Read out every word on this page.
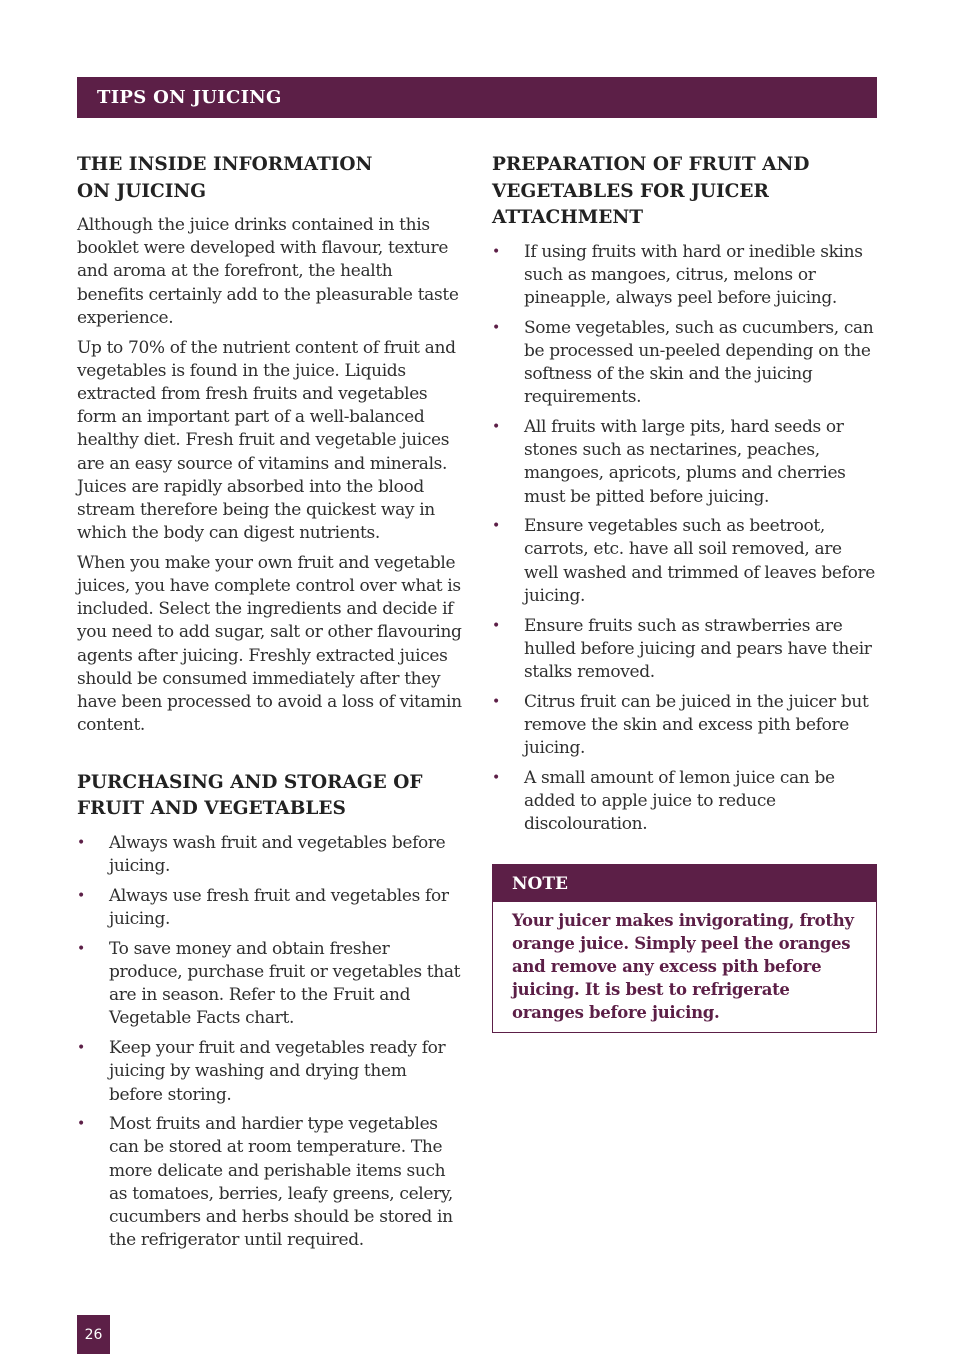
TIPS ON JUICING
THE INSIDE INFORMATION
ON JUICING

Although the juice drinks contained in this booklet were developed with flavour, texture and aroma at the forefront, the health benefits certainly add to the pleasurable taste experience.

Up to 70% of the nutrient content of fruit and vegetables is found in the juice. Liquids extracted from fresh fruits and vegetables form an important part of a well-balanced healthy diet. Fresh fruit and vegetable juices are an easy source of vitamins and minerals. Juices are rapidly absorbed into the blood stream therefore being the quickest way in which the body can digest nutrients.

When you make your own fruit and vegetable juices, you have complete control over what is included. Select the ingredients and decide if you need to add sugar, salt or other flavouring agents after juicing. Freshly extracted juices should be consumed immediately after they have been processed to avoid a loss of vitamin content.

PURCHASING AND STORAGE OF
FRUIT AND VEGETABLES
• Always wash fruit and vegetables before juicing.
• Always use fresh fruit and vegetables for juicing.
• To save money and obtain fresher produce, purchase fruit or vegetables that are in season. Refer to the Fruit and Vegetable Facts chart.
• Keep your fruit and vegetables ready for juicing by washing and drying them before storing.
• Most fruits and hardier type vegetables can be stored at room temperature. The more delicate and perishable items such as tomatoes, berries, leafy greens, celery, cucumbers and herbs should be stored in the refrigerator until required.
PREPARATION OF FRUIT AND
VEGETABLES FOR JUICER
ATTACHMENT
• If using fruits with hard or inedible skins such as mangoes, citrus, melons or pineapple, always peel before juicing.
• Some vegetables, such as cucumbers, can be processed un-peeled depending on the softness of the skin and the juicing requirements.
• All fruits with large pits, hard seeds or stones such as nectarines, peaches, mangoes, apricots, plums and cherries must be pitted before juicing.
• Ensure vegetables such as beetroot, carrots, etc. have all soil removed, are well washed and trimmed of leaves before juicing.
• Ensure fruits such as strawberries are hulled before juicing and pears have their stalks removed.
• Citrus fruit can be juiced in the juicer but remove the skin and excess pith before juicing.
• A small amount of lemon juice can be added to apple juice to reduce discolouration.
NOTE
Your juicer makes invigorating, frothy orange juice. Simply peel the oranges and remove any excess pith before juicing. It is best to refrigerate oranges before juicing.
26
